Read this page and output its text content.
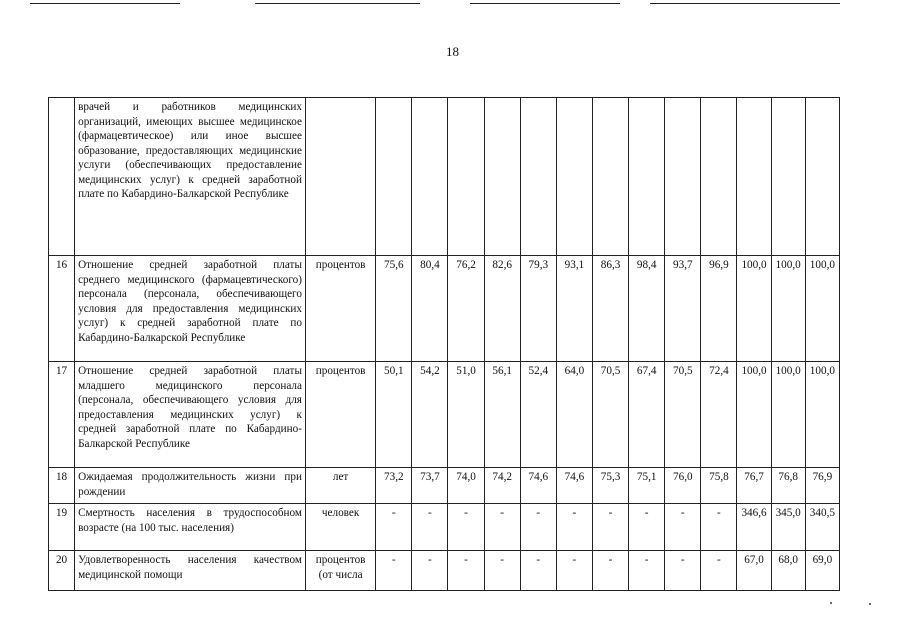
18
	врачей и работников медицинских организаций, имеющих высшее медицинское (фармацевтическое) или иное высшее образование, предоставляющих медицинские услуги (обеспечивающих предоставление медицинских услуг) к средней заработной плате по Кабардино-Балкарской Республике														
16	Отношение средней заработной платы среднего медицинского (фармацевтического) персонала (персонала, обеспечивающего условия для предоставления медицинских услуг) к средней заработной плате по Кабардино-Балкарской Республике	процентов	75,6	80,4	76,2	82,6	79,3	93,1	86,3	98,4	93,7	96,9	100,0	100,0	100,0
17	Отношение средней заработной платы младшего медицинского персонала (персонала, обеспечивающего условия для предоставления медицинских услуг) к средней заработной плате по Кабардино-Балкарской Республике	процентов	50,1	54,2	51,0	56,1	52,4	64,0	70,5	67,4	70,5	72,4	100,0	100,0	100,0
18	Ожидаемая продолжительность жизни при рождении	лет	73,2	73,7	74,0	74,2	74,6	74,6	75,3	75,1	76,0	75,8	76,7	76,8	76,9
19	Смертность населения в трудоспособном возрасте (на 100 тыс. населения)	человек	-	-	-	-	-	-	-	-	-	-	346,6	345,0	340,5
20	Удовлетворенность населения качеством медицинской помощи	процентов (от числа	-	-	-	-	-	-	-	-	-	-	67,0	68,0	69,0
